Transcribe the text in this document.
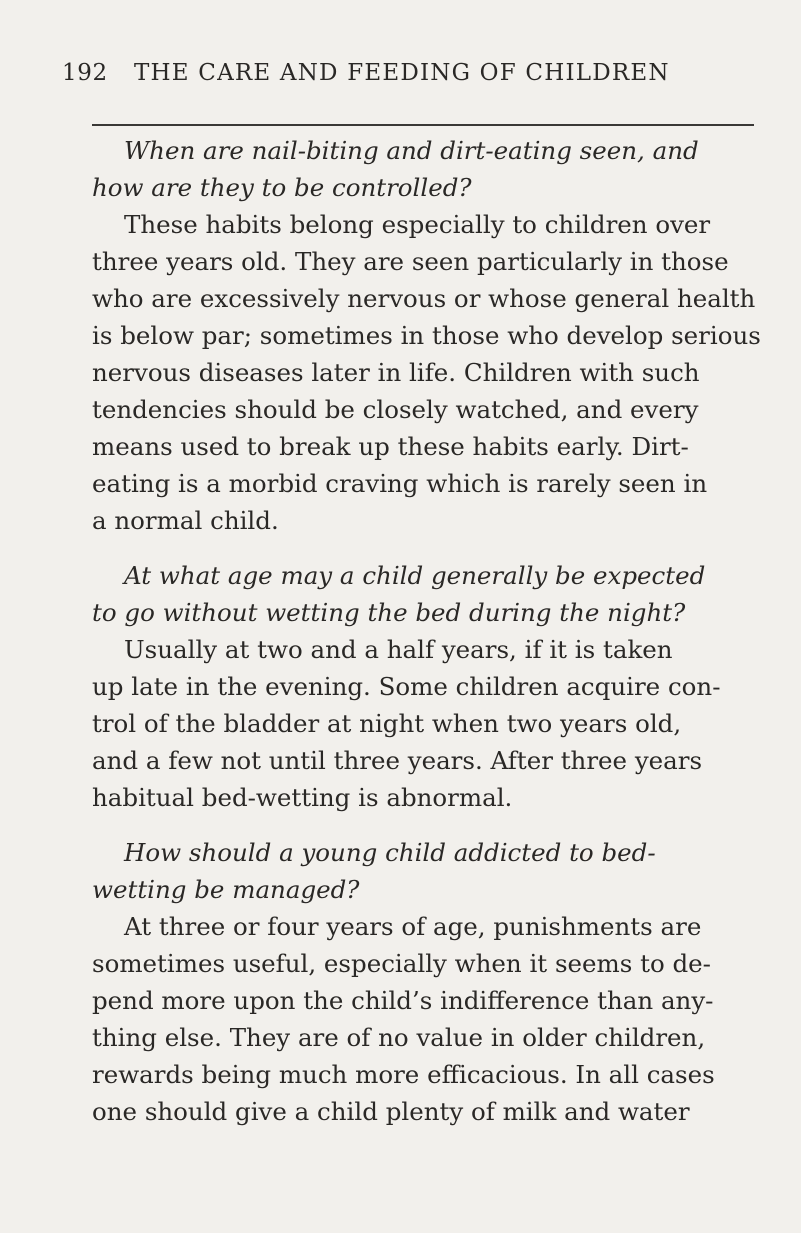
192	THE CARE AND FEEDING OF CHILDREN
When are nail-biting and dirt-eating seen, and
how are they to be controlled?
These habits belong especially to children over
three years old. They are seen particularly in those
who are excessively nervous or whose general health
is below par; sometimes in those who develop serious
nervous diseases later in life. Children with such
tendencies should be closely watched, and every
means used to break up these habits early. Dirt-
eating is a morbid craving which is rarely seen in
a normal child.
At what age may a child generally be expected
to go without wetting the bed during the night?
Usually at two and a half years, if it is taken
up late in the evening. Some children acquire con-
trol of the bladder at night when two years old,
and a few not until three years. After three years
habitual bed-wetting is abnormal.
How should a young child addicted to bed-
wetting be managed?
At three or four years of age, punishments are
sometimes useful, especially when it seems to de-
pend more upon the child’s indifference than any-
thing else. They are of no value in older children,
rewards being much more efficacious. In all cases
one should give a child plenty of milk and water
